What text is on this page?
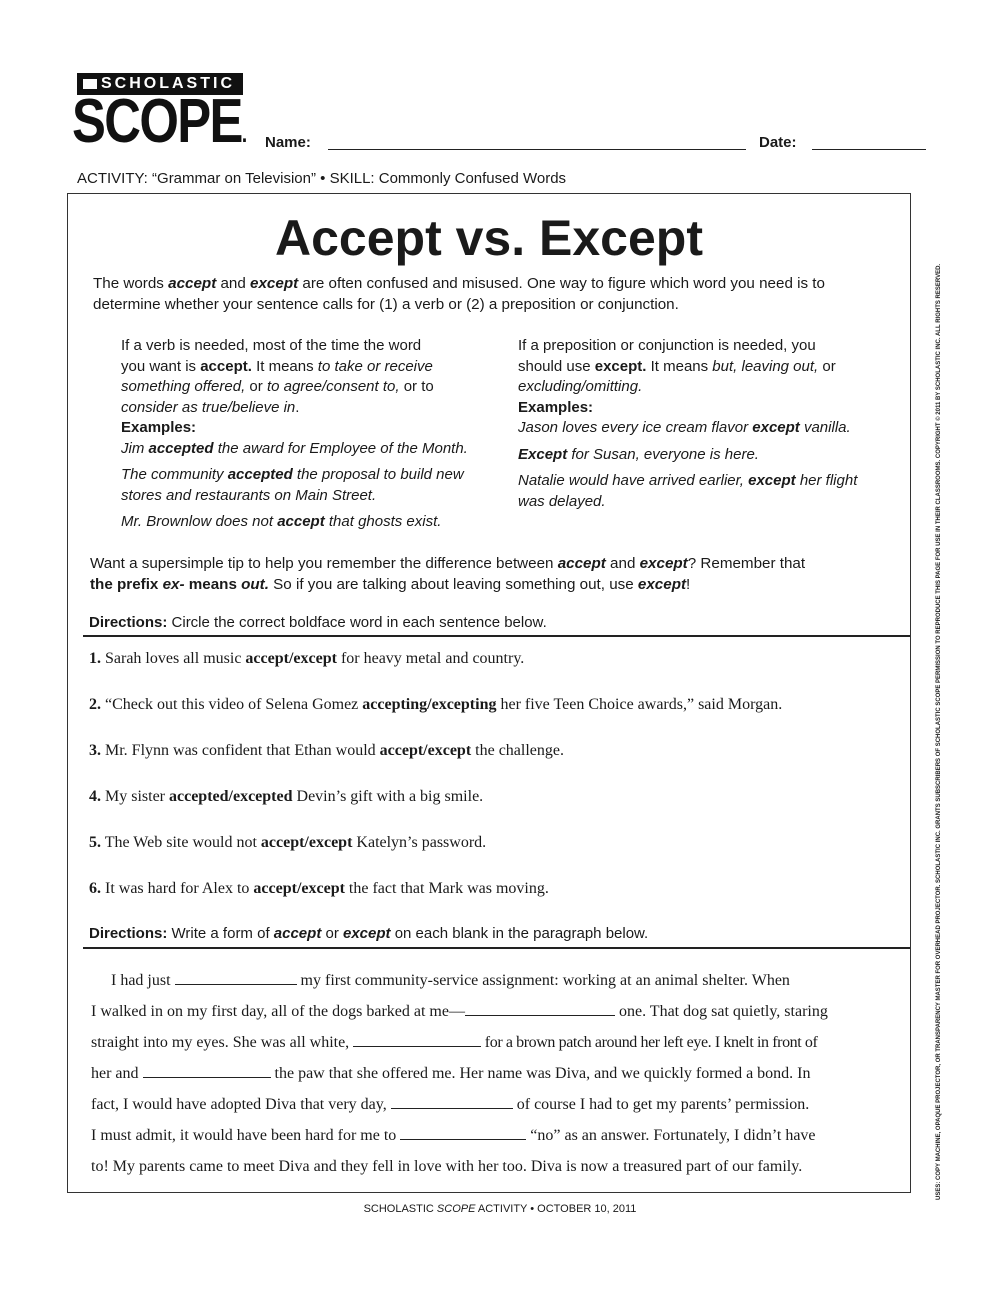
SCHOLASTIC
SCOPE. Name:	Date:
ACTIVITY: “Grammar on Television” • SKILL: Commonly Confused Words
Accept vs. Except
The words accept and except are often confused and misused. One way to figure which word you need is to
determine whether your sentence calls for (1) a verb or (2) a preposition or conjunction.
If a verb is needed, most of the time the word
you want is accept. It means to take or receive
something offered, or to agree/consent to, or to
consider as true/believe in.
Examples:
Jim accepted the award for Employee of the Month.
The community accepted the proposal to build new
stores and restaurants on Main Street.
Mr. Brownlow does not accept that ghosts exist.
If a preposition or conjunction is needed, you
should use except. It means but, leaving out, or
excluding/omitting.
Examples:
Jason loves every ice cream flavor except vanilla.
Except for Susan, everyone is here.
Natalie would have arrived earlier, except her flight
was delayed.
Want a supersimple tip to help you remember the difference between accept and except? Remember that
the prefix ex- means out. So if you are talking about leaving something out, use except!
Directions: Circle the correct boldface word in each sentence below.
1. Sarah loves all music accept/except for heavy metal and country.
2. “Check out this video of Selena Gomez accepting/excepting her five Teen Choice awards,” said Morgan.
3. Mr. Flynn was confident that Ethan would accept/except the challenge.
4. My sister accepted/excepted Devin’s gift with a big smile.
5. The Web site would not accept/except Katelyn’s password.
6. It was hard for Alex to accept/except the fact that Mark was moving.
Directions: Write a form of accept or except on each blank in the paragraph below.
I had just	my first community-service assignment: working at an animal shelter. When
I walked in on my first day, all of the dogs barked at me—	one. That dog sat quietly, staring
straight into my eyes. She was all white,	for a brown patch around her left eye. I knelt in front of
her and	the paw that she offered me. Her name was Diva, and we quickly formed a bond. In
fact, I would have adopted Diva that very day,	of course I had to get my parents’ permission.
I must admit, it would have been hard for me to	“no” as an answer. Fortunately, I didn’t have
to! My parents came to meet Diva and they fell in love with her too. Diva is now a treasured part of our family.
SCHOLASTIC SCOPE ACTIVITY • OCTOBER 10, 2011
USES: COPY MACHINE, OPAQUE PROJECTOR, OR TRANSPARENCY MASTER FOR OVERHEAD PROJECTOR. SCHOLASTIC INC. GRANTS SUBSCRIBERS OF SCHOLASTIC SCOPE PERMISSION TO REPRODUCE THIS PAGE FOR USE IN THEIR CLASSROOMS. COPYRIGHT © 2011 BY SCHOLASTIC INC. ALL RIGHTS RESERVED.
